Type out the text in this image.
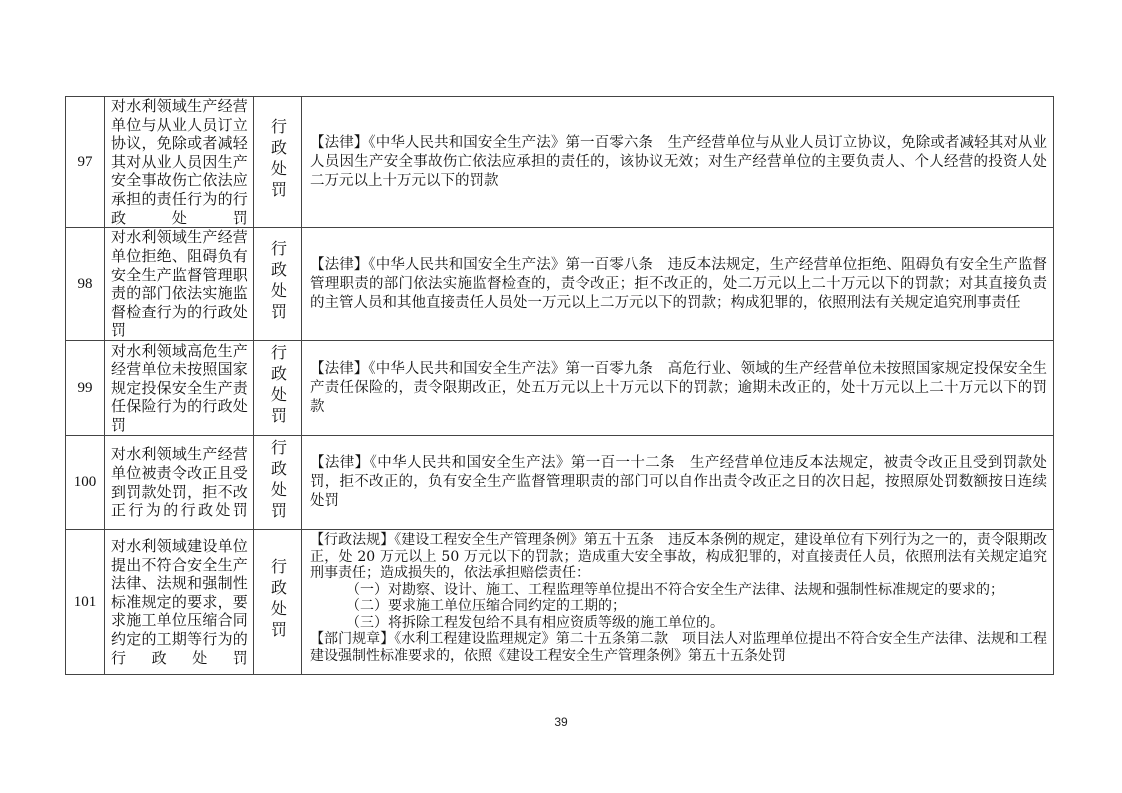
97	对水利领域生产经营单位与从业人员订立协议，免除或者减轻其对从业人员因生产安全事故伤亡依法应承担的责任行为的行政处罚	行政处罚	【法律】《中华人民共和国安全生产法》第一百零六条　生产经营单位与从业人员订立协议，免除或者减轻其对从业人员因生产安全事故伤亡依法应承担的责任的，该协议无效；对生产经营单位的主要负责人、个人经营的投资人处二万元以上十万元以下的罚款

98	对水利领域生产经营单位拒绝、阻碍负有安全生产监督管理职责的部门依法实施监督检查行为的行政处罚	行政处罚	【法律】《中华人民共和国安全生产法》第一百零八条　违反本法规定，生产经营单位拒绝、阻碍负有安全生产监督管理职责的部门依法实施监督检查的，责令改正；拒不改正的，处二万元以上二十万元以下的罚款；对其直接负责的主管人员和其他直接责任人员处一万元以上二万元以下的罚款；构成犯罪的，依照刑法有关规定追究刑事责任

99	对水利领域高危生产经营单位未按照国家规定投保安全生产责任保险行为的行政处罚	行政处罚	【法律】《中华人民共和国安全生产法》第一百零九条　高危行业、领域的生产经营单位未按照国家规定投保安全生产责任保险的，责令限期改正，处五万元以上十万元以下的罚款；逾期未改正的，处十万元以上二十万元以下的罚款

100	对水利领域生产经营单位被责令改正且受到罚款处罚，拒不改正行为的行政处罚	行政处罚	【法律】《中华人民共和国安全生产法》第一百一十二条　生产经营单位违反本法规定，被责令改正且受到罚款处罚，拒不改正的，负有安全生产监督管理职责的部门可以自作出责令改正之日的次日起，按照原处罚数额按日连续处罚

101	对水利领域建设单位提出不符合安全生产法律、法规和强制性标准规定的要求，要求施工单位压缩合同约定的工期等行为的行政处罚	行政处罚	【行政法规】《建设工程安全生产管理条例》第五十五条　违反本条例的规定，建设单位有下列行为之一的，责令限期改正，处 20 万元以上 50 万元以下的罚款；造成重大安全事故，构成犯罪的，对直接责任人员，依照刑法有关规定追究刑事责任；造成损失的，依法承担赔偿责任：
（一）对勘察、设计、施工、工程监理等单位提出不符合安全生产法律、法规和强制性标准规定的要求的；
（二）要求施工单位压缩合同约定的工期的；
（三）将拆除工程发包给不具有相应资质等级的施工单位的。
【部门规章】《水利工程建设监理规定》第二十五条第二款　项目法人对监理单位提出不符合安全生产法律、法规和工程建设强制性标准要求的，依照《建设工程安全生产管理条例》第五十五条处罚
39
